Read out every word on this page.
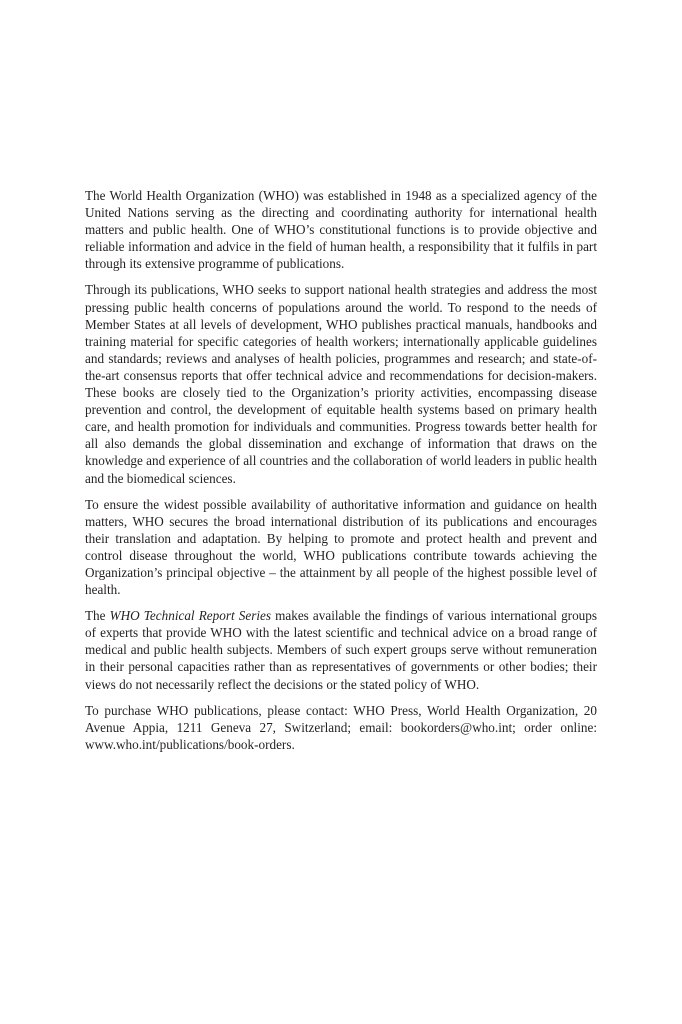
The World Health Organization (WHO) was established in 1948 as a specialized agency of the United Nations serving as the directing and coordinating authority for international health matters and public health. One of WHO’s constitutional functions is to provide objective and reliable information and advice in the field of human health, a responsibility that it fulfils in part through its extensive programme of publications.

Through its publications, WHO seeks to support national health strategies and address the most pressing public health concerns of populations around the world. To respond to the needs of Member States at all levels of development, WHO publishes practical manuals, handbooks and training material for specific categories of health workers; internationally applicable guidelines and standards; reviews and analyses of health policies, programmes and research; and state-of-the-art consensus reports that offer technical advice and recommendations for decision-makers. These books are closely tied to the Organization’s priority activities, encompassing disease prevention and control, the development of equitable health systems based on primary health care, and health promotion for individuals and communities. Progress towards better health for all also demands the global dissemination and exchange of information that draws on the knowledge and experience of all countries and the collaboration of world leaders in public health and the biomedical sciences.

To ensure the widest possible availability of authoritative information and guidance on health matters, WHO secures the broad international distribution of its publications and encourages their translation and adaptation. By helping to promote and protect health and prevent and control disease throughout the world, WHO publications contribute towards achieving the Organization’s principal objective – the attainment by all people of the highest possible level of health.

The WHO Technical Report Series makes available the findings of various international groups of experts that provide WHO with the latest scientific and technical advice on a broad range of medical and public health subjects. Members of such expert groups serve without remuneration in their personal capacities rather than as representatives of governments or other bodies; their views do not necessarily reflect the decisions or the stated policy of WHO.

To purchase WHO publications, please contact: WHO Press, World Health Organization, 20 Avenue Appia, 1211 Geneva 27, Switzerland; email: bookorders@who.int; order online: www.who.int/publications/book-orders.
